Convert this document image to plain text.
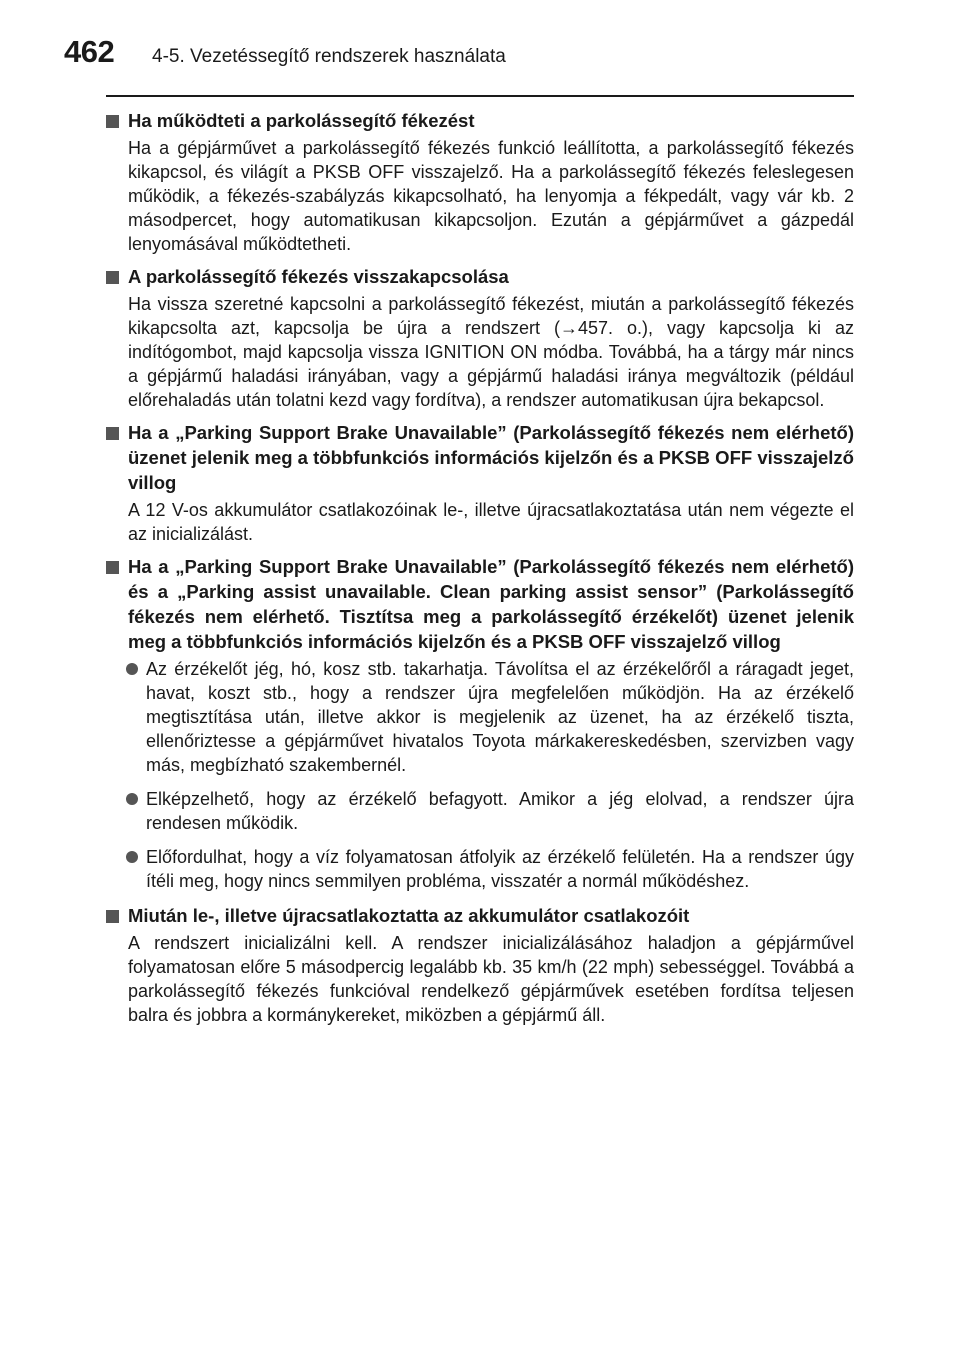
462 4-5. Vezetéssegítő rendszerek használata
Ha működteti a parkolássegítő fékezést
Ha a gépjárművet a parkolássegítő fékezés funkció leállította, a parkolássegítő fékezés kikapcsol, és világít a PKSB OFF visszajelző. Ha a parkolássegítő fékezés feleslegesen működik, a fékezés-szabályzás kikapcsolható, ha lenyomja a fékpedált, vagy vár kb. 2 másodpercet, hogy automatikusan kikapcsoljon. Ezután a gépjárművet a gázpedál lenyomásával működtetheti.
A parkolássegítő fékezés visszakapcsolása
Ha vissza szeretné kapcsolni a parkolássegítő fékezést, miután a parkolássegítő fékezés kikapcsolta azt, kapcsolja be újra a rendszert (→457. o.), vagy kapcsolja ki az indítógombot, majd kapcsolja vissza IGNITION ON módba. Továbbá, ha a tárgy már nincs a gépjármű haladási irányában, vagy a gépjármű haladási iránya megváltozik (például előrehaladás után tolatni kezd vagy fordítva), a rendszer automatikusan újra bekapcsol.
Ha a „Parking Support Brake Unavailable” (Parkolássegítő fékezés nem elérhető) üzenet jelenik meg a többfunkciós információs kijelzőn és a PKSB OFF visszajelző villog
A 12 V-os akkumulátor csatlakozóinak le-, illetve újracsatlakoztatása után nem végezte el az inicializálást.
Ha a „Parking Support Brake Unavailable” (Parkolássegítő fékezés nem elérhető) és a „Parking assist unavailable. Clean parking assist sensor” (Parkolássegítő fékezés nem elérhető. Tisztítsa meg a parkolássegítő érzékelőt) üzenet jelenik meg a többfunkciós információs kijelzőn és a PKSB OFF visszajelző villog
Az érzékelőt jég, hó, kosz stb. takarhatja. Távolítsa el az érzékelőről a ráragadt jeget, havat, koszt stb., hogy a rendszer újra megfelelően működjön. Ha az érzékelő megtisztítása után, illetve akkor is megjelenik az üzenet, ha az érzékelő tiszta, ellenőriztesse a gépjárművet hivatalos Toyota márkakereskedésben, szervizben vagy más, megbízható szakembernél.
Elképzelhető, hogy az érzékelő befagyott. Amikor a jég elolvad, a rendszer újra rendesen működik.
Előfordulhat, hogy a víz folyamatosan átfolyik az érzékelő felületén. Ha a rendszer úgy ítéli meg, hogy nincs semmilyen probléma, visszatér a normál működéshez.
Miután le-, illetve újracsatlakoztatta az akkumulátor csatlakozóit
A rendszert inicializálni kell. A rendszer inicializálásához haladjon a gépjárművel folyamatosan előre 5 másodpercig legalább kb. 35 km/h (22 mph) sebességgel. Továbbá a parkolássegítő fékezés funkcióval rendelkező gépjárművek esetében fordítsa teljesen balra és jobbra a kormánykereket, miközben a gépjármű áll.
